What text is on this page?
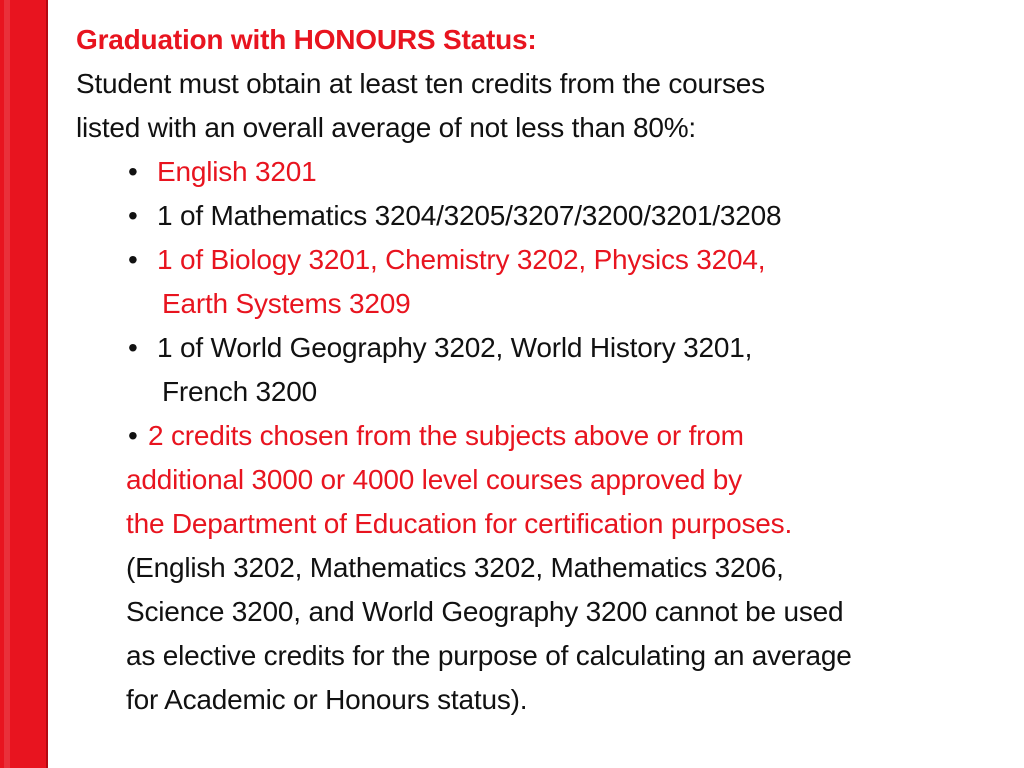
Graduation with HONOURS Status:
Student must obtain at least ten credits from the courses
listed with an overall average of not less than 80%:
• English 3201
• 1 of Mathematics 3204/3205/3207/3200/3201/3208
• 1 of Biology 3201, Chemistry 3202, Physics 3204,
Earth Systems 3209
• 1 of World Geography 3202, World History 3201,
French 3200
• 2 credits chosen from the subjects above or from
additional 3000 or 4000 level courses approved by
the Department of Education for certification purposes.
(English 3202, Mathematics 3202, Mathematics 3206,
Science 3200, and World Geography 3200 cannot be used
as elective credits for the purpose of calculating an average
for Academic or Honours status).
